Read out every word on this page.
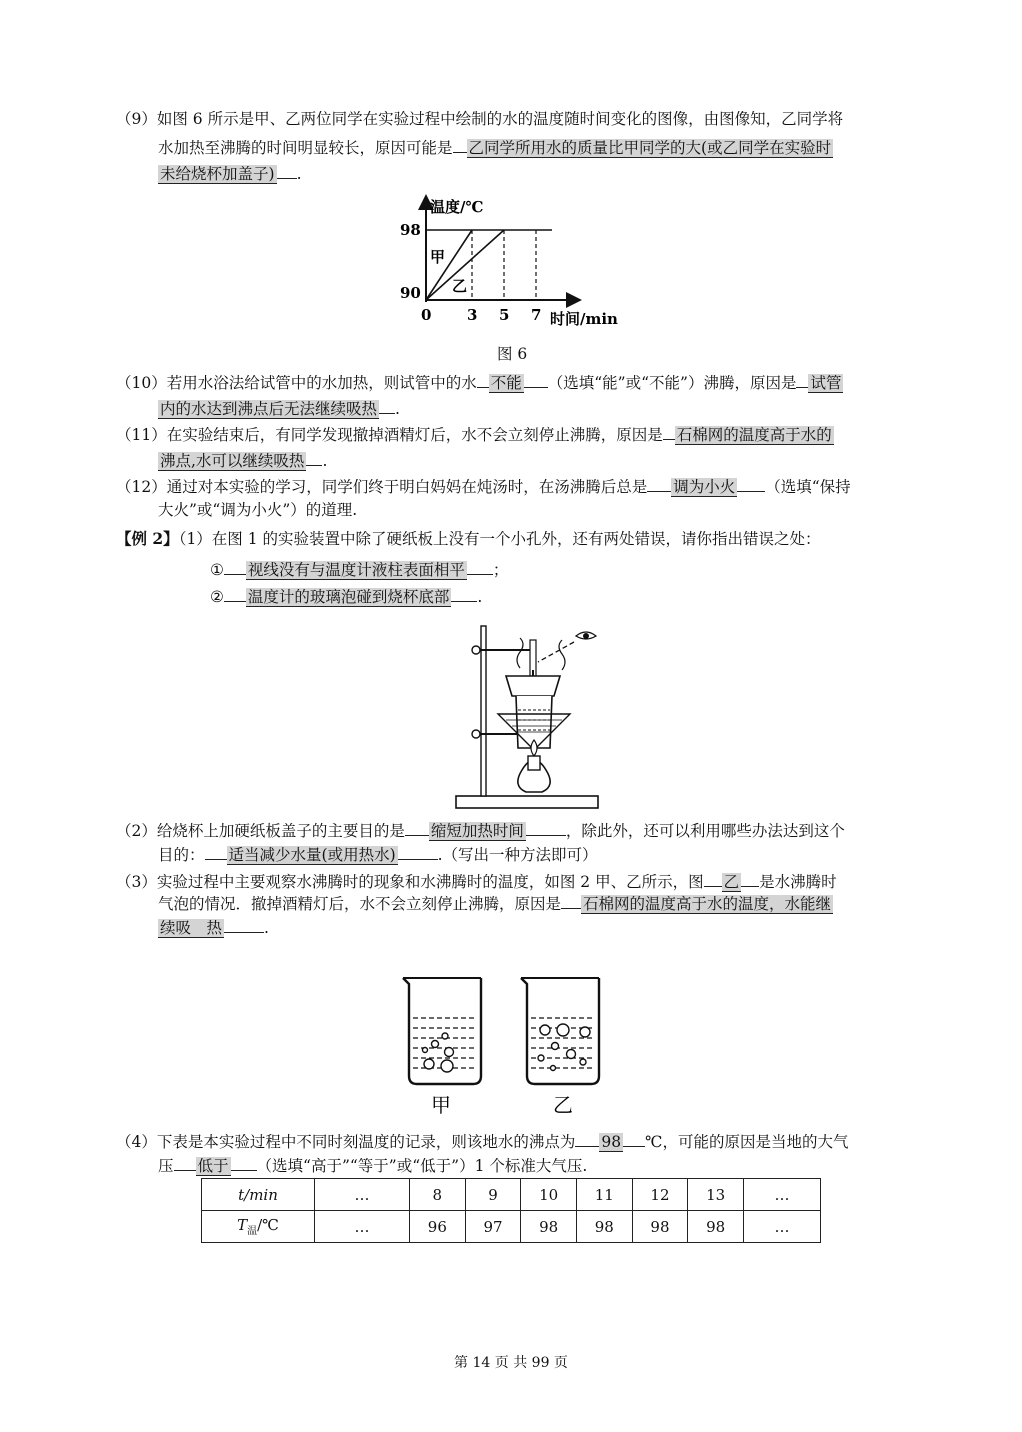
（9）如图 6 所示是甲、乙两位同学在实验过程中绘制的水的温度随时间变化的图像，由图像知，乙同学将
水加热至沸腾的时间明显较长，原因可能是 乙同学所用水的质量比甲同学的大(或乙同学在实验时
未给烧杯加盖子) .
温度/℃
98
90
甲
乙
0 3 5 7 时间/min
图 6
（10）若用水浴法给试管中的水加热，则试管中的水 不能 （选填“能”或“不能”）沸腾，原因是 试管
内的水达到沸点后无法继续吸热 .
（11）在实验结束后，有同学发现撤掉酒精灯后，水不会立刻停止沸腾，原因是 石棉网的温度高于水的
沸点,水可以继续吸热 .
（12）通过对本实验的学习，同学们终于明白妈妈在炖汤时，在汤沸腾后总是 调为小火 （选填“保持
大火”或“调为小火”）的道理.
【例 2】（1）在图 1 的实验装置中除了硬纸板上没有一个小孔外，还有两处错误，请你指出错误之处：
① 视线没有与温度计液柱表面相平 ；
② 温度计的玻璃泡碰到烧杯底部 .
（2）给烧杯上加硬纸板盖子的主要目的是 缩短加热时间	，除此外，还可以利用哪些办法达到这个
目的： 适当减少水量(或用热水)	.（写出一种方法即可）
（3）实验过程中主要观察水沸腾时的现象和水沸腾时的温度，如图 2 甲、乙所示，图 乙 是水沸腾时
气泡的情况．撤掉酒精灯后，水不会立刻停止沸腾，原因是 石棉网的温度高于水的温度，水能继
续吸　热	.
甲	乙
（4）下表是本实验过程中不同时刻温度的记录，则该地水的沸点为 98 ℃，可能的原因是当地的大气
压 低于 （选填“高于”“等于”或“低于”）1 个标准大气压.
t/min	…	8	9	10	11	12	13	…
$T_温/℃$	…	96	97	98	98	98	98	…
第 14 页 共 99 页
